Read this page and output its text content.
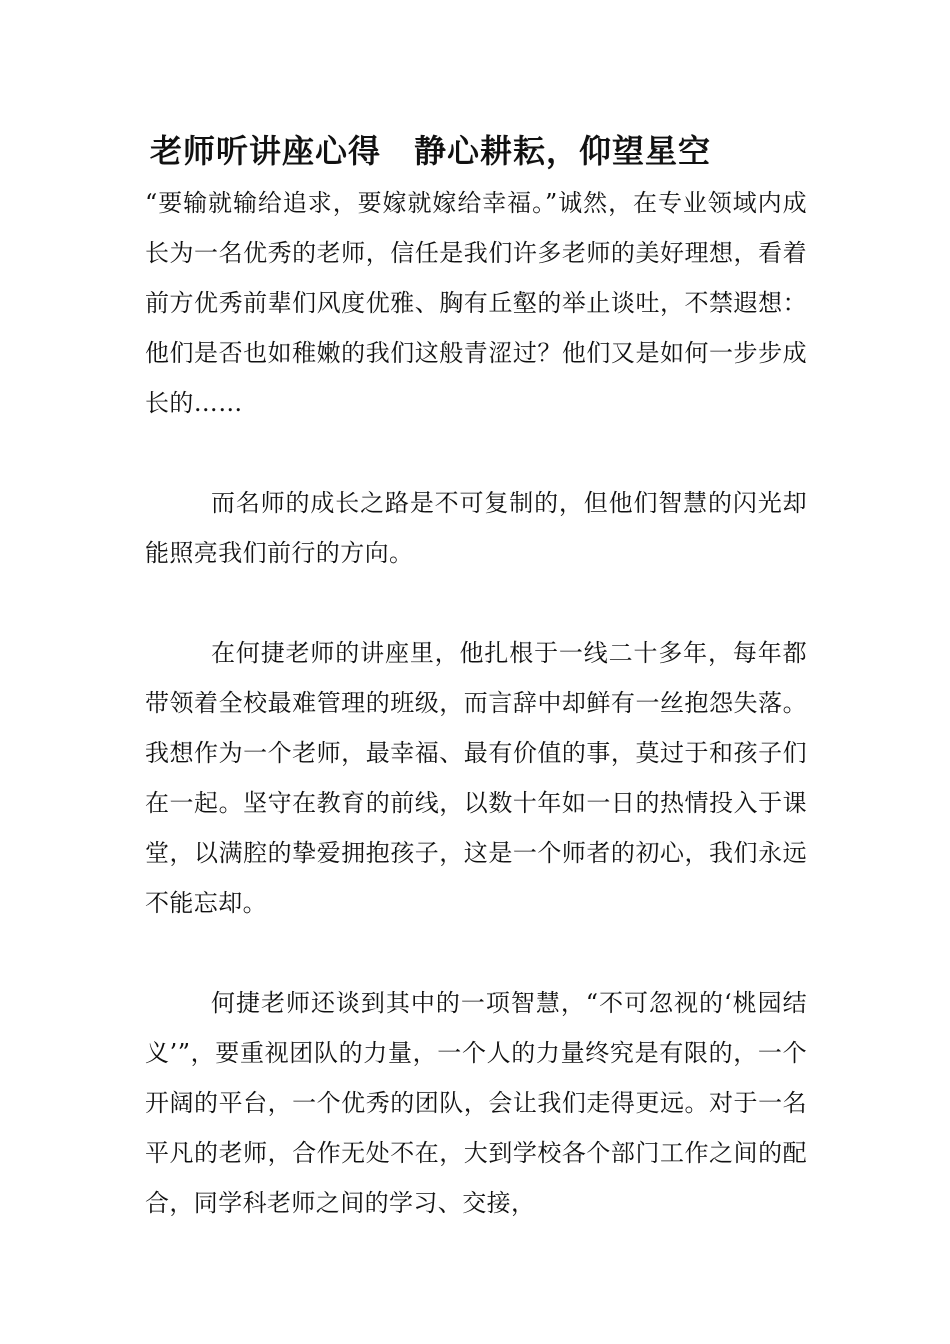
老师听讲座心得　静心耕耘，仰望星空

“要输就输给追求，要嫁就嫁给幸福。”诚然，在专业领域内成长为一名优秀的老师，信任是我们许多老师的美好理想，看着前方优秀前辈们风度优雅、胸有丘壑的举止谈吐，不禁遐想：他们是否也如稚嫩的我们这般青涩过？他们又是如何一步步成长的……

而名师的成长之路是不可复制的，但他们智慧的闪光却能照亮我们前行的方向。

在何捷老师的讲座里，他扎根于一线二十多年，每年都带领着全校最难管理的班级，而言辞中却鲜有一丝抱怨失落。我想作为一个老师，最幸福、最有价值的事，莫过于和孩子们在一起。坚守在教育的前线，以数十年如一日的热情投入于课堂，以满腔的挚爱拥抱孩子，这是一个师者的初心，我们永远不能忘却。

何捷老师还谈到其中的一项智慧，“不可忽视的‘桃园结义’”，要重视团队的力量，一个人的力量终究是有限的，一个开阔的平台，一个优秀的团队，会让我们走得更远。对于一名平凡的老师，合作无处不在，大到学校各个部门工作之间的配合，同学科老师之间的学习、交接，
